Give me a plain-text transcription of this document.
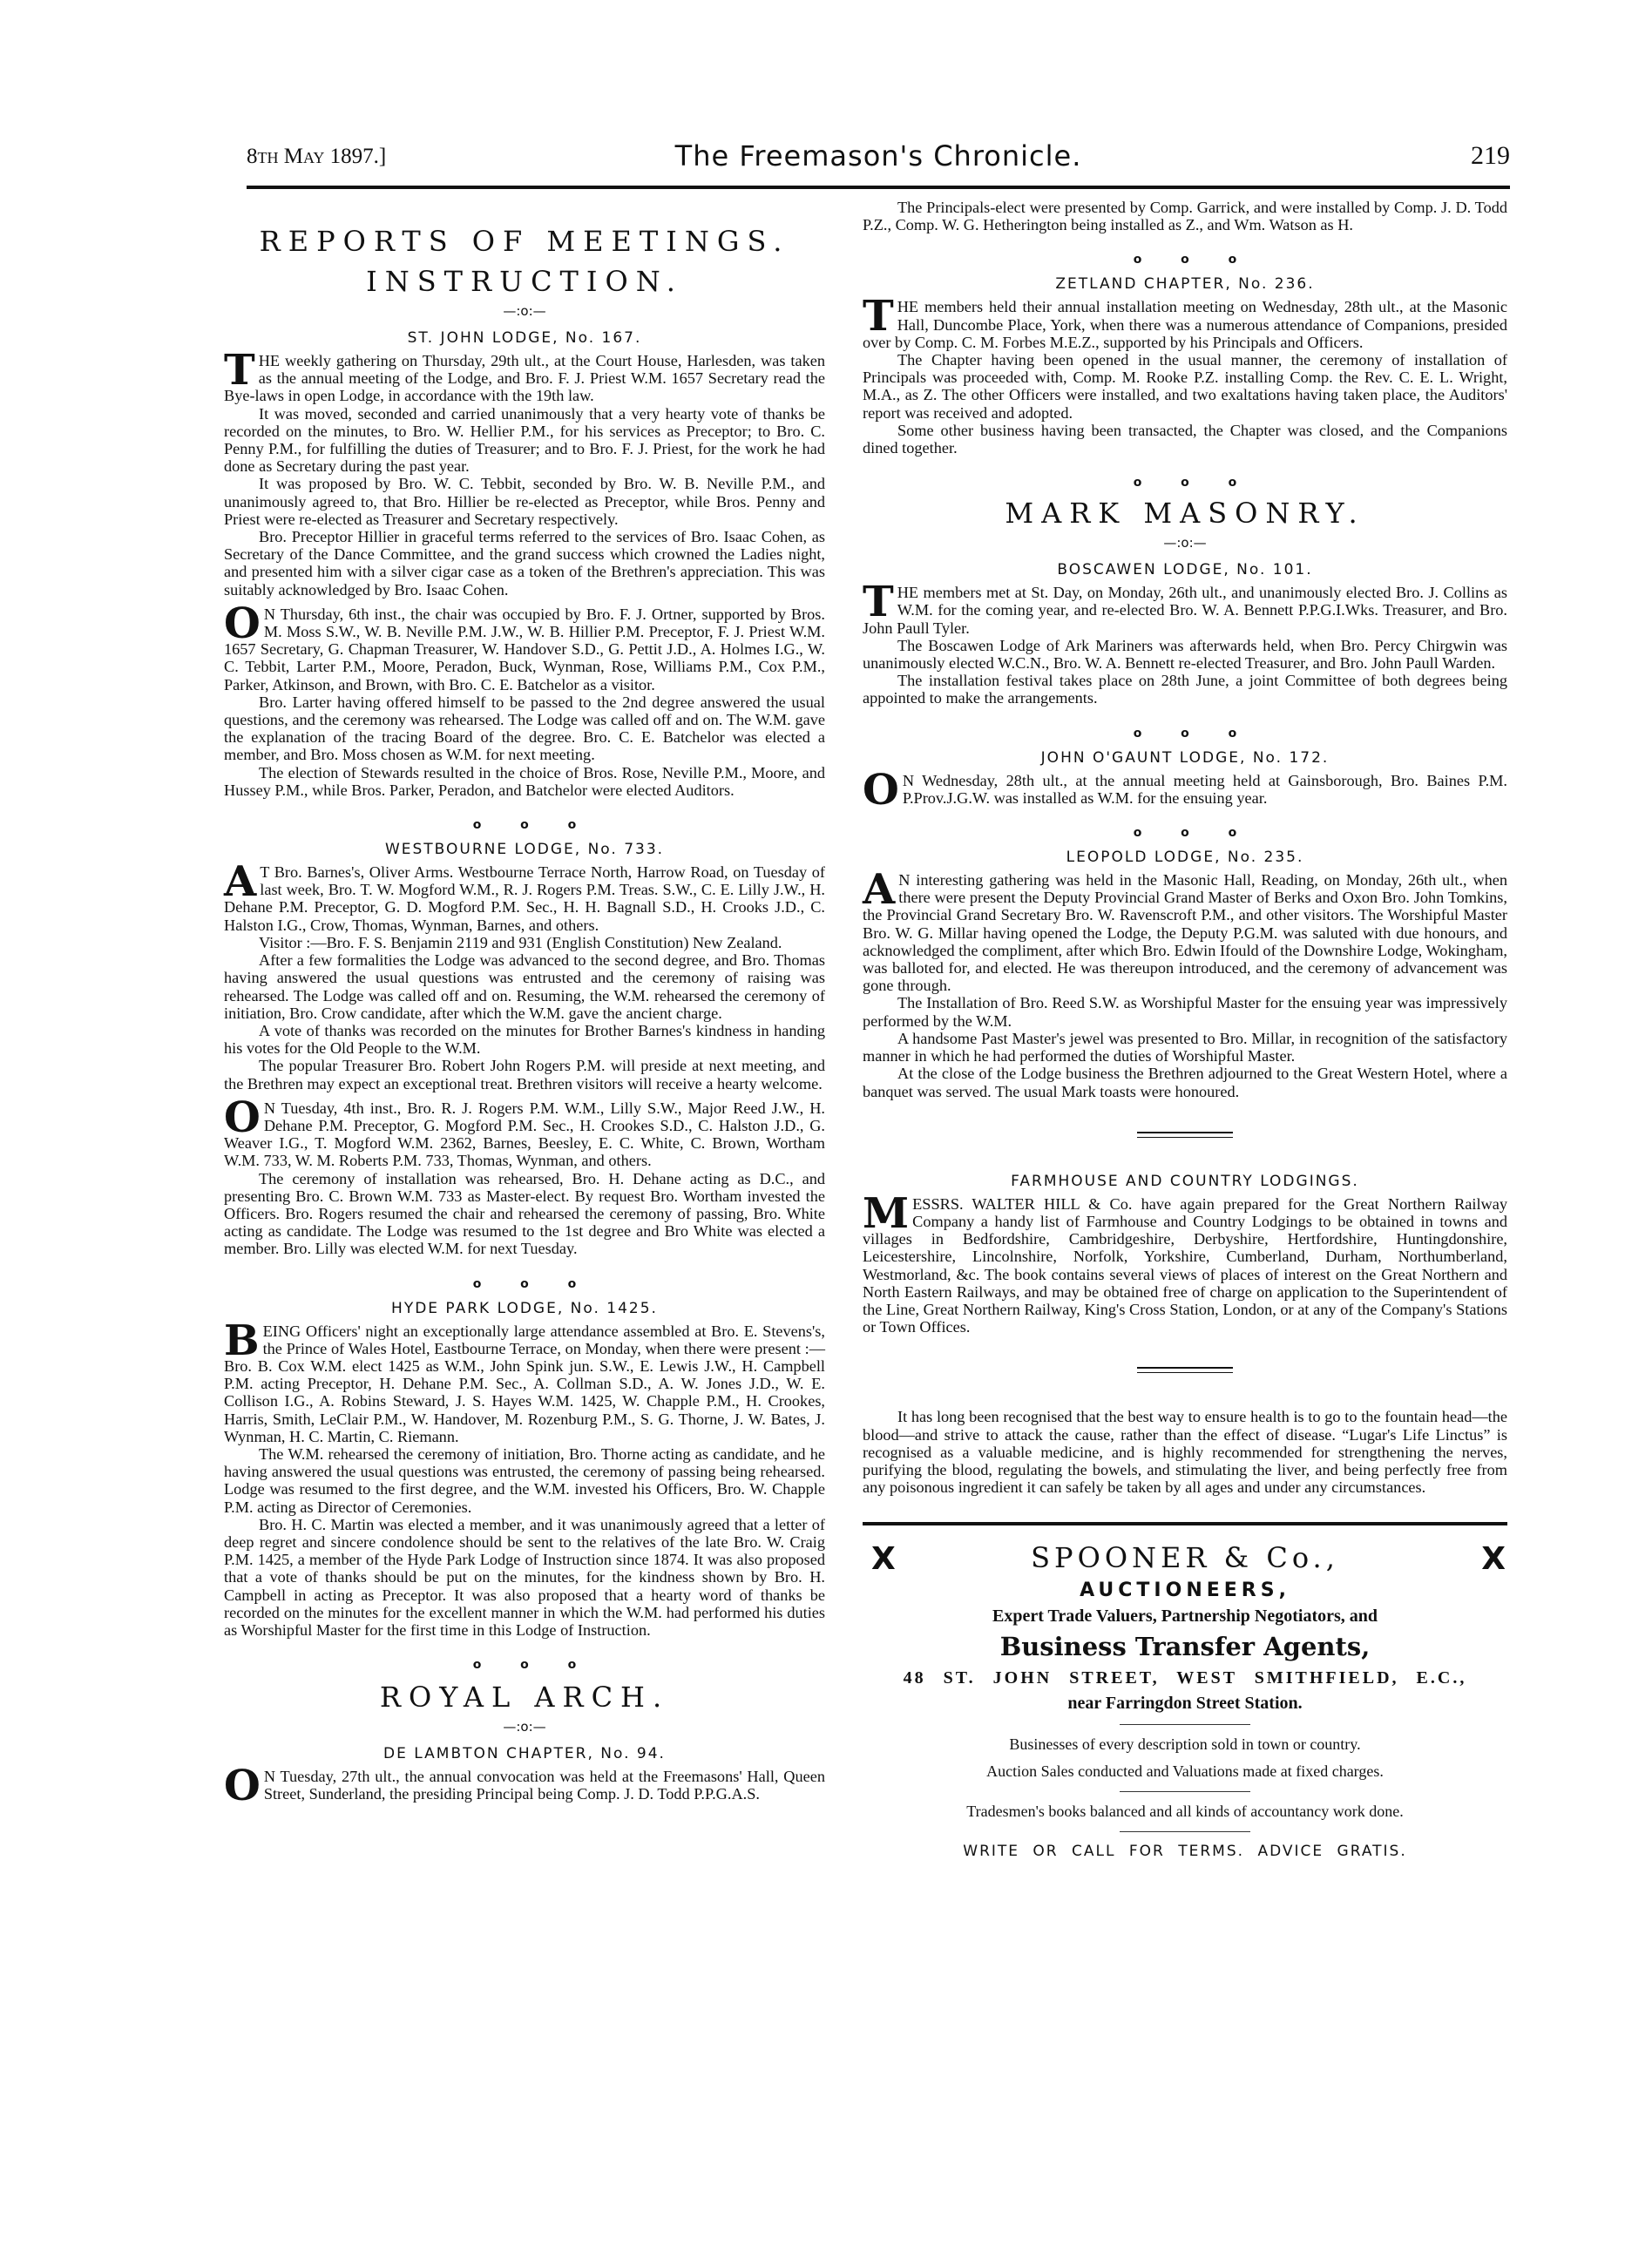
8th May 1897.]	The Freemason's Chronicle.	219
REPORTS OF MEETINGS.
INSTRUCTION.
—:o:—
ST. JOHN LODGE, No. 167.

THE weekly gathering on Thursday, 29th ult., at the Court House, Harlesden, was taken as the annual meeting of the Lodge, and Bro. F. J. Priest W.M. 1657 Secretary read the Bye-laws in open Lodge, in accordance with the 19th law.

It was moved, seconded and carried unanimously that a very hearty vote of thanks be recorded on the minutes, to Bro. W. Hellier P.M., for his services as Preceptor; to Bro. C. Penny P.M., for fulfilling the duties of Treasurer; and to Bro. F. J. Priest, for the work he had done as Secretary during the past year.

It was proposed by Bro. W. C. Tebbit, seconded by Bro. W. B. Neville P.M., and unanimously agreed to, that Bro. Hillier be re-elected as Preceptor, while Bros. Penny and Priest were re-elected as Treasurer and Secretary respectively.

Bro. Preceptor Hillier in graceful terms referred to the services of Bro. Isaac Cohen, as Secretary of the Dance Committee, and the grand success which crowned the Ladies night, and presented him with a silver cigar case as a token of the Brethren's appreciation. This was suitably acknowledged by Bro. Isaac Cohen.

O N Thursday, 6th inst., the chair was occupied by Bro. F. J. Ortner, supported by Bros. M. Moss S.W., W. B. Neville P.M. J.W., W. B. Hillier P.M. Preceptor, F. J. Priest W.M. 1657 Secretary, G. Chapman Treasurer, W. Handover S.D., G. Pettit J.D., A. Holmes I.G., W. C. Tebbit, Larter P.M., Moore, Peradon, Buck, Wynman, Rose, Williams P.M., Cox P.M., Parker, Atkinson, and Brown, with Bro. C. E. Batchelor as a visitor.

Bro. Larter having offered himself to be passed to the 2nd degree answered the usual questions, and the ceremony was rehearsed. The Lodge was called off and on. The W.M. gave the explanation of the tracing Board of the degree. Bro. C. E. Batchelor was elected a member, and Bro. Moss chosen as W.M. for next meeting.

The election of Stewards resulted in the choice of Bros. Rose, Neville P.M., Moore, and Hussey P.M., while Bros. Parker, Peradon, and Batchelor were elected Auditors.

o o o
WESTBOURNE LODGE, No. 733.

A T Bro. Barnes's, Oliver Arms. Westbourne Terrace North, Harrow Road, on Tuesday of last week, Bro. T. W. Mogford W.M., R. J. Rogers P.M. Treas. S.W., C. E. Lilly J.W., H. Dehane P.M. Preceptor, G. D. Mogford P.M. Sec., H. H. Bagnall S.D., H. Crooks J.D., C. Halston I.G., Crow, Thomas, Wynman, Barnes, and others.

Visitor :—Bro. F. S. Benjamin 2119 and 931 (English Constitution) New Zealand.

After a few formalities the Lodge was advanced to the second degree, and Bro. Thomas having answered the usual questions was entrusted and the ceremony of raising was rehearsed. The Lodge was called off and on. Resuming, the W.M. rehearsed the ceremony of initiation, Bro. Crow candidate, after which the W.M. gave the ancient charge.

A vote of thanks was recorded on the minutes for Brother Barnes's kindness in handing his votes for the Old People to the W.M.

The popular Treasurer Bro. Robert John Rogers P.M. will preside at next meeting, and the Brethren may expect an exceptional treat. Brethren visitors will receive a hearty welcome.

O N Tuesday, 4th inst., Bro. R. J. Rogers P.M. W.M., Lilly S.W., Major Reed J.W., H. Dehane P.M. Preceptor, G. Mogford P.M. Sec., H. Crookes S.D., C. Halston J.D., G. Weaver I.G., T. Mogford W.M. 2362, Barnes, Beesley, E. C. White, C. Brown, Wortham W.M. 733, W. M. Roberts P.M. 733, Thomas, Wynman, and others.

The ceremony of installation was rehearsed, Bro. H. Dehane acting as D.C., and presenting Bro. C. Brown W.M. 733 as Master-elect. By request Bro. Wortham invested the Officers. Bro. Rogers resumed the chair and rehearsed the ceremony of passing, Bro. White acting as candidate. The Lodge was resumed to the 1st degree and Bro White was elected a member. Bro. Lilly was elected W.M. for next Tuesday.

o o o
HYDE PARK LODGE, No. 1425.

BEING Officers' night an exceptionally large attendance assembled at Bro. E. Stevens's, the Prince of Wales Hotel, Eastbourne Terrace, on Monday, when there were present :—Bro. B. Cox W.M. elect 1425 as W.M., John Spink jun. S.W., E. Lewis J.W., H. Campbell P.M. acting Preceptor, H. Dehane P.M. Sec., A. Collman S.D., A. W. Jones J.D., W. E. Collison I.G., A. Robins Steward, J. S. Hayes W.M. 1425, W. Chapple P.M., H. Crookes, Harris, Smith, LeClair P.M., W. Handover, M. Rozenburg P.M., S. G. Thorne, J. W. Bates, J. Wynman, H. C. Martin, C. Riemann.

The W.M. rehearsed the ceremony of initiation, Bro. Thorne acting as candidate, and he having answered the usual questions was entrusted, the ceremony of passing being rehearsed. Lodge was resumed to the first degree, and the W.M. invested his Officers, Bro. W. Chapple P.M. acting as Director of Ceremonies.

Bro. H. C. Martin was elected a member, and it was unanimously agreed that a letter of deep regret and sincere condolence should be sent to the relatives of the late Bro. W. Craig P.M. 1425, a member of the Hyde Park Lodge of Instruction since 1874. It was also proposed that a vote of thanks should be put on the minutes, for the kindness shown by Bro. H. Campbell in acting as Preceptor. It was also proposed that a hearty word of thanks be recorded on the minutes for the excellent manner in which the W.M. had performed his duties as Worshipful Master for the first time in this Lodge of Instruction.

o o o
ROYAL ARCH.
—:o:—
DE LAMBTON CHAPTER, No. 94.

O N Tuesday, 27th ult., the annual convocation was held at the Freemasons' Hall, Queen Street, Sunderland, the presiding Principal being Comp. J. D. Todd P.P.G.A.S.

The Principals-elect were presented by Comp. Garrick, and were installed by Comp. J. D. Todd P.Z., Comp. W. G. Hetherington being installed as Z., and Wm. Watson as H.

o o o
ZETLAND CHAPTER, No. 236.

THE members held their annual installation meeting on Wednesday, 28th ult., at the Masonic Hall, Duncombe Place, York, when there was a numerous attendance of Companions, presided over by Comp. C. M. Forbes M.E.Z., supported by his Principals and Officers.

The Chapter having been opened in the usual manner, the ceremony of installation of Principals was proceeded with, Comp. M. Rooke P.Z. installing Comp. the Rev. C. E. L. Wright, M.A., as Z. The other Officers were installed, and two exaltations having taken place, the Auditors' report was received and adopted.

Some other business having been transacted, the Chapter was closed, and the Companions dined together.

o o o
MARK MASONRY.
—:o:—
BOSCAWEN LODGE, No. 101.

THE members met at St. Day, on Monday, 26th ult., and unanimously elected Bro. J. Collins as W.M. for the coming year, and re-elected Bro. W. A. Bennett P.P.G.I.Wks. Treasurer, and Bro. John Paull Tyler.

The Boscawen Lodge of Ark Mariners was afterwards held, when Bro. Percy Chirgwin was unanimously elected W.C.N., Bro. W. A. Bennett re-elected Treasurer, and Bro. John Paull Warden.

The installation festival takes place on 28th June, a joint Committee of both degrees being appointed to make the arrangements.

o o o
JOHN O'GAUNT LODGE, No. 172.

O N Wednesday, 28th ult., at the annual meeting held at Gainsborough, Bro. Baines P.M. P.Prov.J.G.W. was installed as W.M. for the ensuing year.

o o o
LEOPOLD LODGE, No. 235.

A N interesting gathering was held in the Masonic Hall, Reading, on Monday, 26th ult., when there were present the Deputy Provincial Grand Master of Berks and Oxon Bro. John Tomkins, the Provincial Grand Secretary Bro. W. Ravenscroft P.M., and other visitors. The Worshipful Master Bro. W. G. Millar having opened the Lodge, the Deputy P.G.M. was saluted with due honours, and acknowledged the compliment, after which Bro. Edwin Ifould of the Downshire Lodge, Wokingham, was balloted for, and elected. He was thereupon introduced, and the ceremony of advancement was gone through.

The Installation of Bro. Reed S.W. as Worshipful Master for the ensuing year was impressively performed by the W.M.

A handsome Past Master's jewel was presented to Bro. Millar, in recognition of the satisfactory manner in which he had performed the duties of Worshipful Master.

At the close of the Lodge business the Brethren adjourned to the Great Western Hotel, where a banquet was served. The usual Mark toasts were honoured.

FARMHOUSE AND COUNTRY LODGINGS.

MESSRS. WALTER HILL & Co. have again prepared for the Great Northern Railway Company a handy list of Farmhouse and Country Lodgings to be obtained in towns and villages in Bedfordshire, Cambridgeshire, Derbyshire, Hertfordshire, Huntingdonshire, Leicestershire, Lincolnshire, Norfolk, Yorkshire, Cumberland, Durham, Northumberland, Westmorland, &c. The book contains several views of places of interest on the Great Northern and North Eastern Railways, and may be obtained free of charge on application to the Superintendent of the Line, Great Northern Railway, King's Cross Station, London, or at any of the Company's Stations or Town Offices.

It has long been recognised that the best way to ensure health is to go to the fountain head—the blood—and strive to attack the cause, rather than the effect of disease. “Lugar's Life Linctus” is recognised as a valuable medicine, and is highly recommended for strengthening the nerves, purifying the blood, regulating the bowels, and stimulating the liver, and being perfectly free from any poisonous ingredient it can safely be taken by all ages and under any circumstances.

X	X
SPOONER & Co.,
AUCTIONEERS,
Expert Trade Valuers, Partnership Negotiators, and
Business Transfer Agents,
48 ST. JOHN STREET, WEST SMITHFIELD, E.C.,
near Farringdon Street Station.
Businesses of every description sold in town or country.
Auction Sales conducted and Valuations made at fixed charges.
Tradesmen's books balanced and all kinds of accountancy work done.
WRITE OR CALL FOR TERMS. ADVICE GRATIS.
